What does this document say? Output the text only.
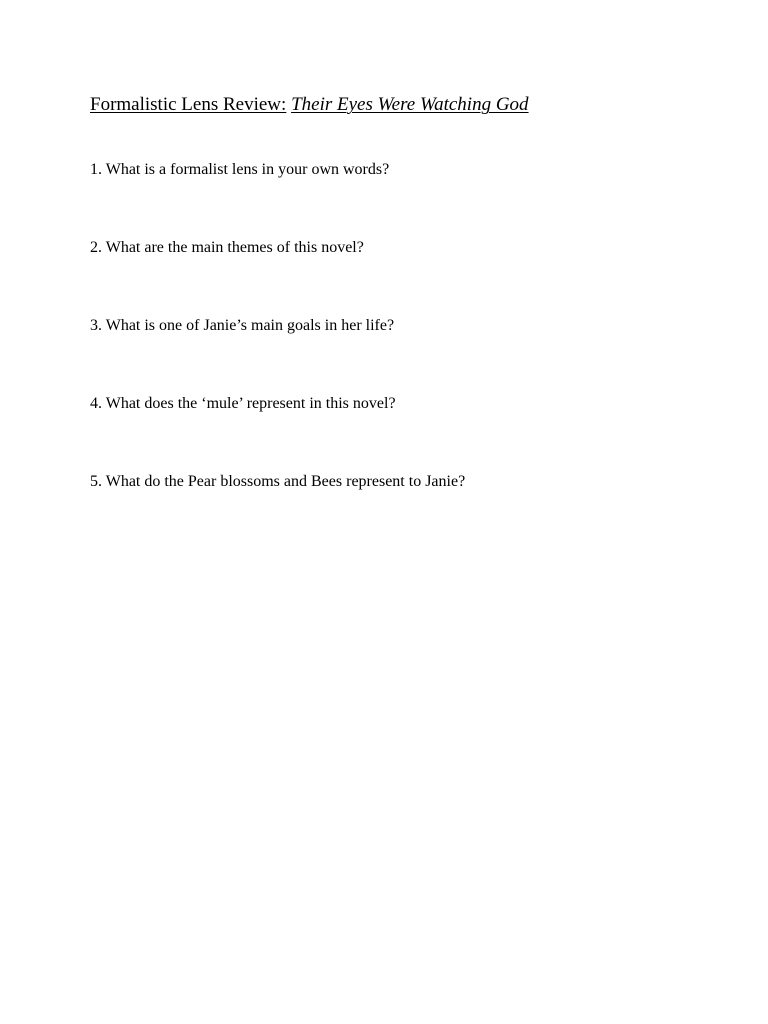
Formalistic Lens Review: Their Eyes Were Watching God
1. What is a formalist lens in your own words?
2. What are the main themes of this novel?
3. What is one of Janie’s main goals in her life?
4. What does the ‘mule’ represent in this novel?
5. What do the Pear blossoms and Bees represent to Janie?
